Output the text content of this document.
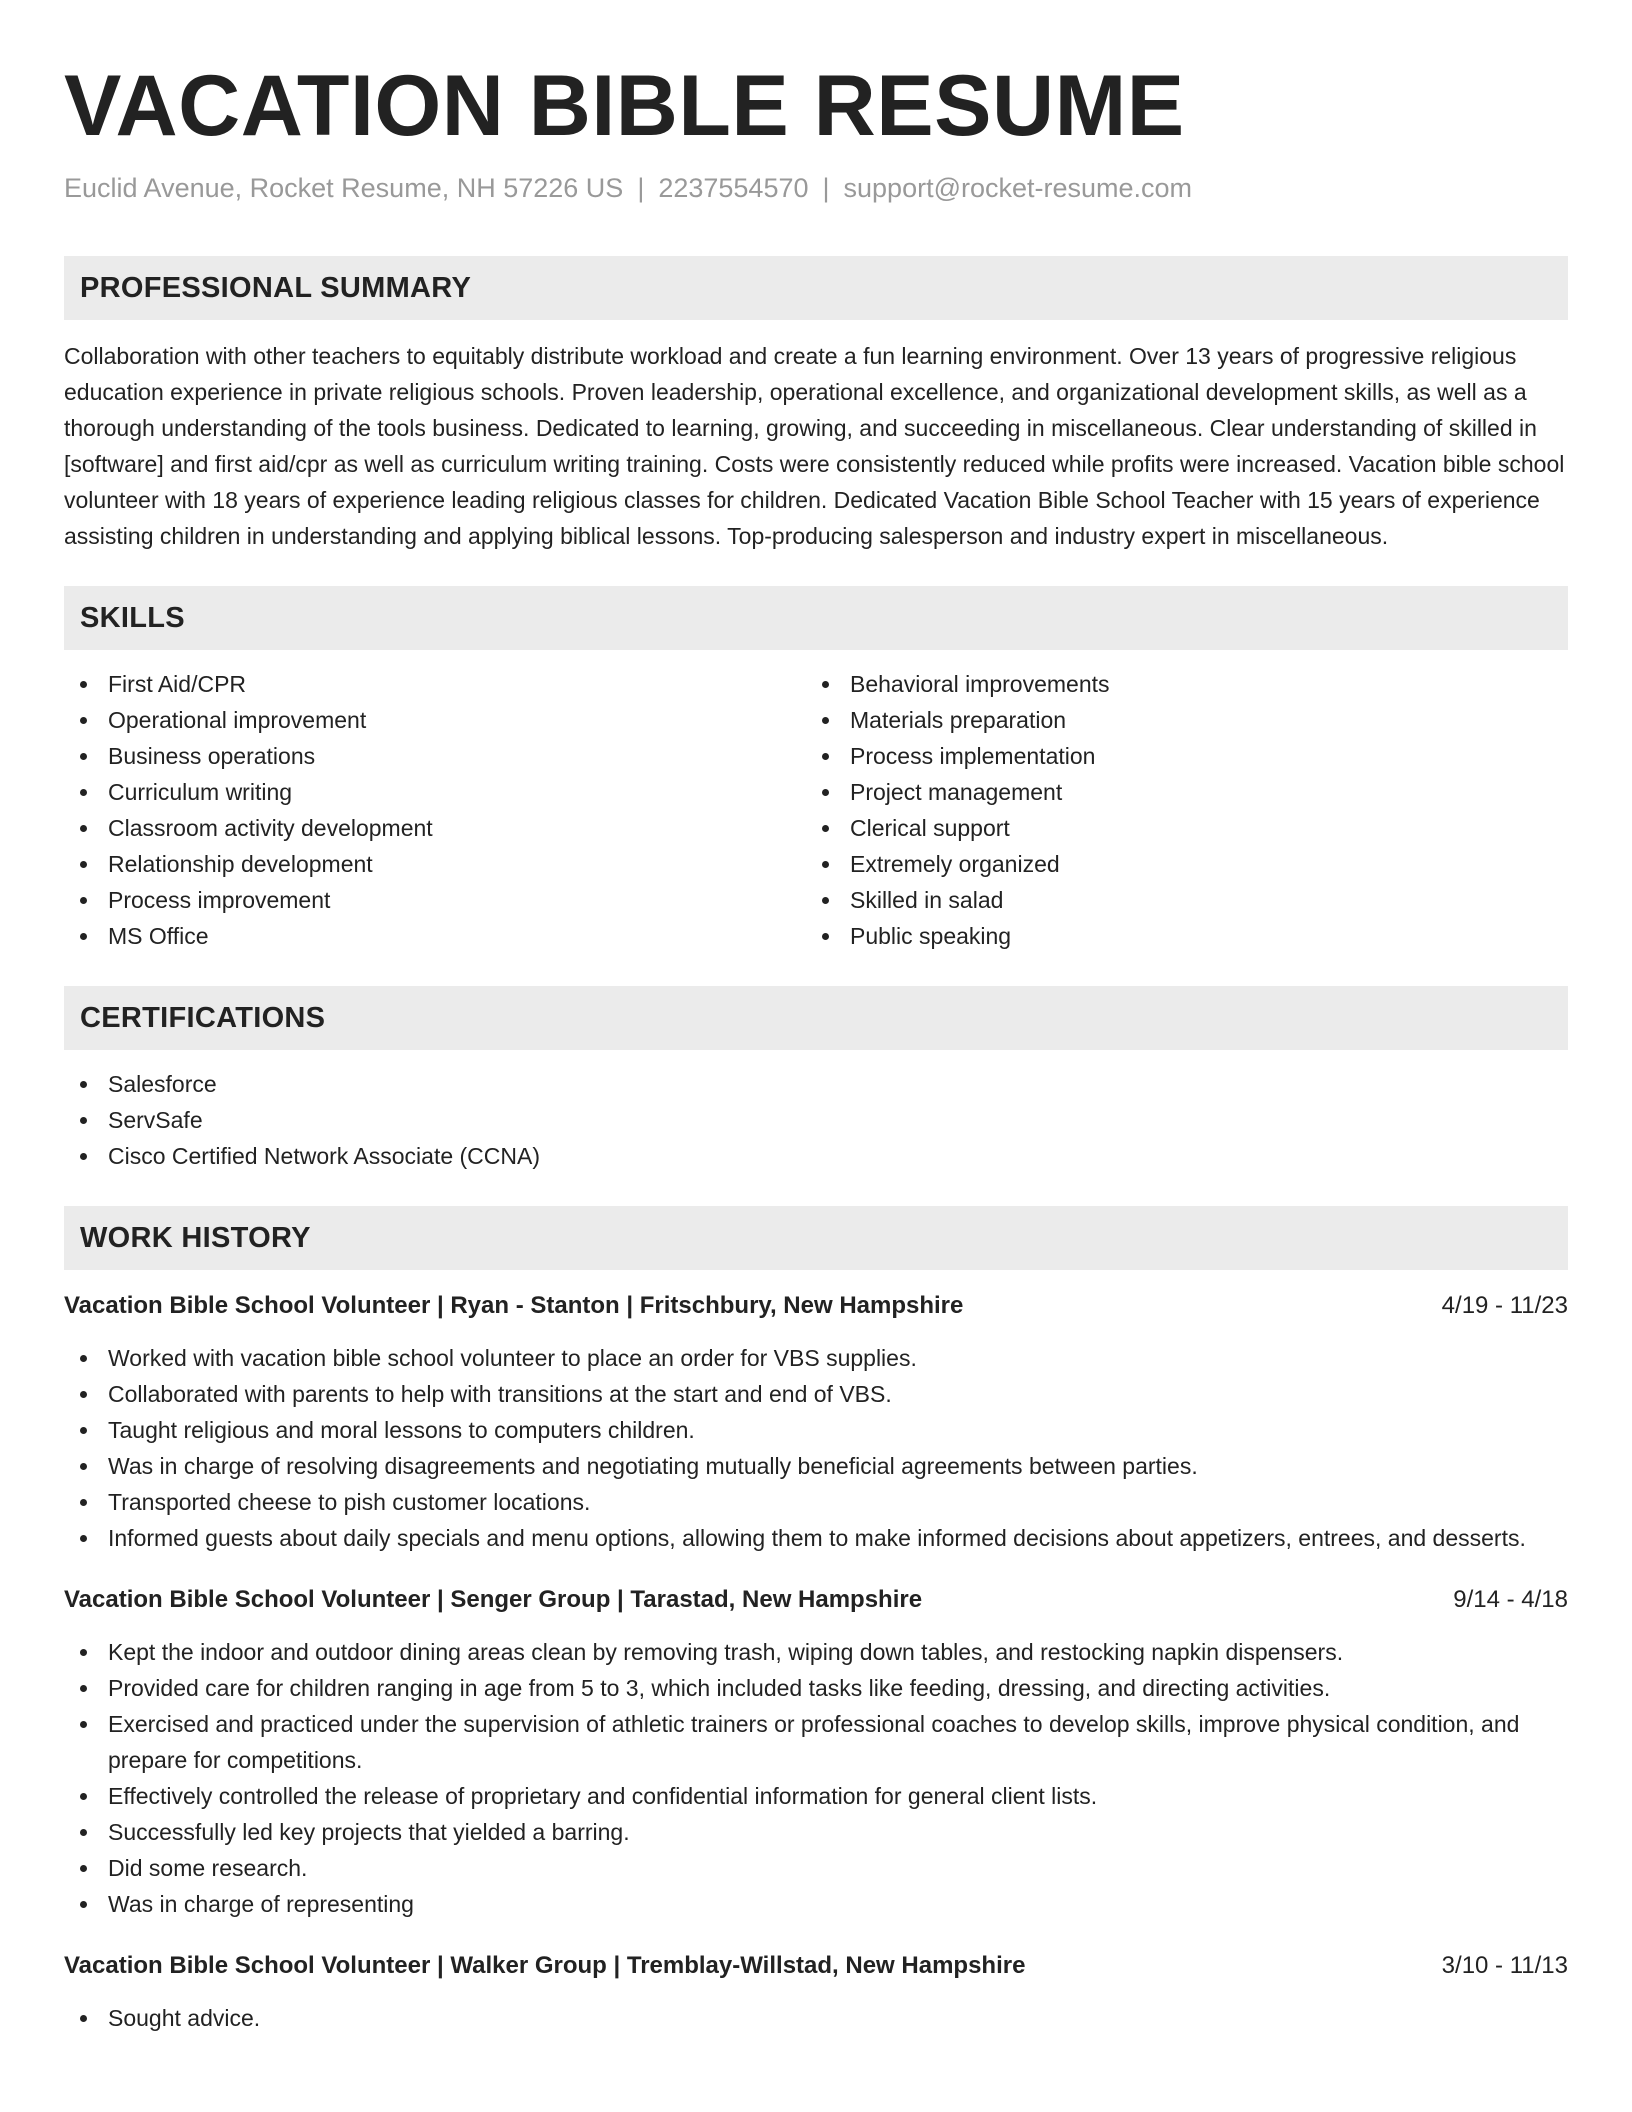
VACATION BIBLE RESUME
Euclid Avenue, Rocket Resume, NH 57226 US | 2237554570 | support@rocket-resume.com
PROFESSIONAL SUMMARY
Collaboration with other teachers to equitably distribute workload and create a fun learning environment. Over 13 years of progressive religious education experience in private religious schools. Proven leadership, operational excellence, and organizational development skills, as well as a thorough understanding of the tools business. Dedicated to learning, growing, and succeeding in miscellaneous. Clear understanding of skilled in [software] and first aid/cpr as well as curriculum writing training. Costs were consistently reduced while profits were increased. Vacation bible school volunteer with 18 years of experience leading religious classes for children. Dedicated Vacation Bible School Teacher with 15 years of experience assisting children in understanding and applying biblical lessons. Top-producing salesperson and industry expert in miscellaneous.
SKILLS
First Aid/CPR
Operational improvement
Business operations
Curriculum writing
Classroom activity development
Relationship development
Process improvement
MS Office
Behavioral improvements
Materials preparation
Process implementation
Project management
Clerical support
Extremely organized
Skilled in salad
Public speaking
CERTIFICATIONS
Salesforce
ServSafe
Cisco Certified Network Associate (CCNA)
WORK HISTORY
Vacation Bible School Volunteer | Ryan - Stanton | Fritschbury, New Hampshire	4/19 - 11/23
Worked with vacation bible school volunteer to place an order for VBS supplies.
Collaborated with parents to help with transitions at the start and end of VBS.
Taught religious and moral lessons to computers children.
Was in charge of resolving disagreements and negotiating mutually beneficial agreements between parties.
Transported cheese to pish customer locations.
Informed guests about daily specials and menu options, allowing them to make informed decisions about appetizers, entrees, and desserts.
Vacation Bible School Volunteer | Senger Group | Tarastad, New Hampshire	9/14 - 4/18
Kept the indoor and outdoor dining areas clean by removing trash, wiping down tables, and restocking napkin dispensers.
Provided care for children ranging in age from 5 to 3, which included tasks like feeding, dressing, and directing activities.
Exercised and practiced under the supervision of athletic trainers or professional coaches to develop skills, improve physical condition, and prepare for competitions.
Effectively controlled the release of proprietary and confidential information for general client lists.
Successfully led key projects that yielded a barring.
Did some research.
Was in charge of representing
Vacation Bible School Volunteer | Walker Group | Tremblay-Willstad, New Hampshire	3/10 - 11/13
Sought advice.
